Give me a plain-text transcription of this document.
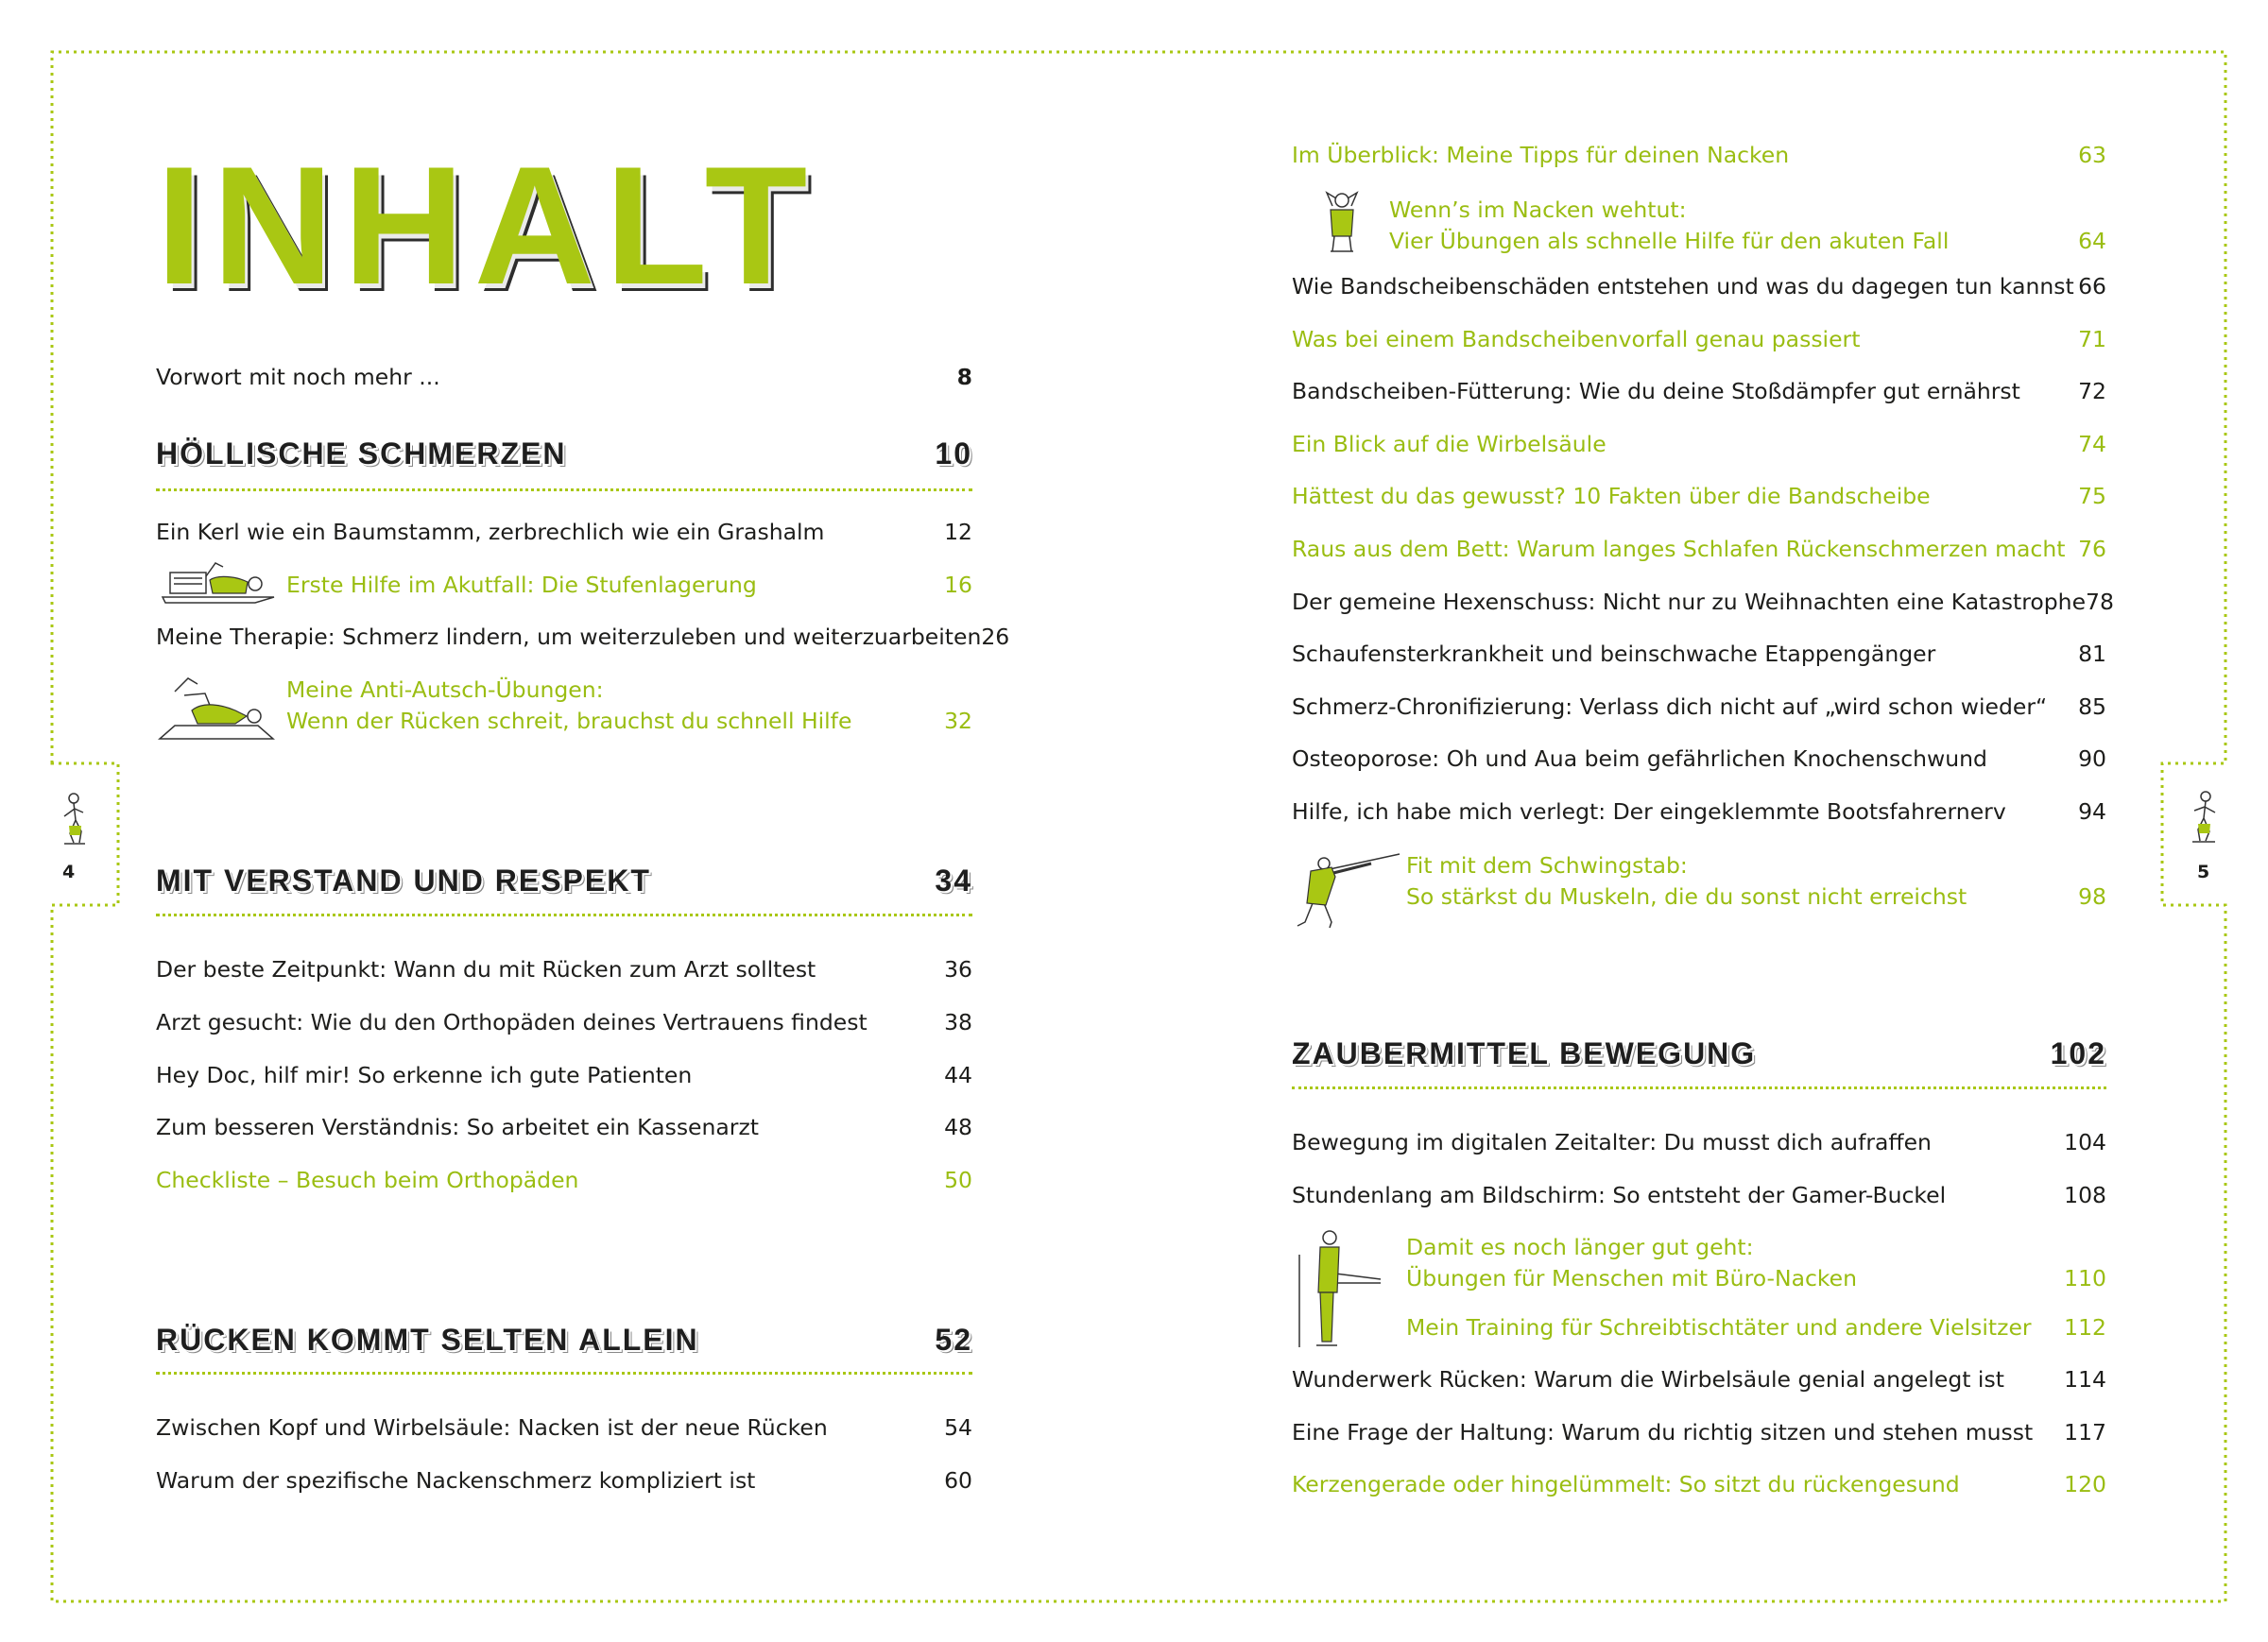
4	5
INHALT
Vorwort mit noch mehr ...	8
HÖLLISCHE SCHMERZEN	10
Ein Kerl wie ein Baumstamm, zerbrechlich wie ein Grashalm	12
Erste Hilfe im Akutfall: Die Stufenlagerung	16
Meine Therapie: Schmerz lindern, um weiterzuleben und weiterzuarbeiten 26
Meine Anti-Autsch-Übungen:
Wenn der Rücken schreit, brauchst du schnell Hilfe	32
MIT VERSTAND UND RESPEKT	34
Der beste Zeitpunkt: Wann du mit Rücken zum Arzt solltest	36
Arzt gesucht: Wie du den Orthopäden deines Vertrauens findest	38
Hey Doc, hilf mir! So erkenne ich gute Patienten	44
Zum besseren Verständnis: So arbeitet ein Kassenarzt	48
Checkliste – Besuch beim Orthopäden	50
RÜCKEN KOMMT SELTEN ALLEIN	52
Zwischen Kopf und Wirbelsäule: Nacken ist der neue Rücken	54
Warum der spezifische Nackenschmerz kompliziert ist	60
Im Überblick: Meine Tipps für deinen Nacken	63
Wenn’s im Nacken wehtut:
Vier Übungen als schnelle Hilfe für den akuten Fall	64
Wie Bandscheibenschäden entstehen und was du dagegen tun kannst 66
Was bei einem Bandscheibenvorfall genau passiert	71
Bandscheiben-Fütterung: Wie du deine Stoßdämpfer gut ernährst	72
Ein Blick auf die Wirbelsäule	74
Hättest du das gewusst? 10 Fakten über die Bandscheibe	75
Raus aus dem Bett: Warum langes Schlafen Rückenschmerzen macht 76
Der gemeine Hexenschuss: Nicht nur zu Weihnachten eine Katastrophe 78
Schaufensterkrankheit und beinschwache Etappengänger	81
Schmerz-Chronifizierung: Verlass dich nicht auf „wird schon wieder“ 85
Osteoporose: Oh und Aua beim gefährlichen Knochenschwund	90
Hilfe, ich habe mich verlegt: Der eingeklemmte Bootsfahrernerv	94
Fit mit dem Schwingstab:
So stärkst du Muskeln, die du sonst nicht erreichst	98
ZAUBERMITTEL BEWEGUNG	102
Bewegung im digitalen Zeitalter: Du musst dich aufraffen	104
Stundenlang am Bildschirm: So entsteht der Gamer-Buckel	108
Damit es noch länger gut geht:
Übungen für Menschen mit Büro-Nacken	110
Mein Training für Schreibtischtäter und andere Vielsitzer 112
Wunderwerk Rücken: Warum die Wirbelsäule genial angelegt ist	114
Eine Frage der Haltung: Warum du richtig sitzen und stehen musst 117
Kerzengerade oder hingelümmelt: So sitzt du rückengesund	120
